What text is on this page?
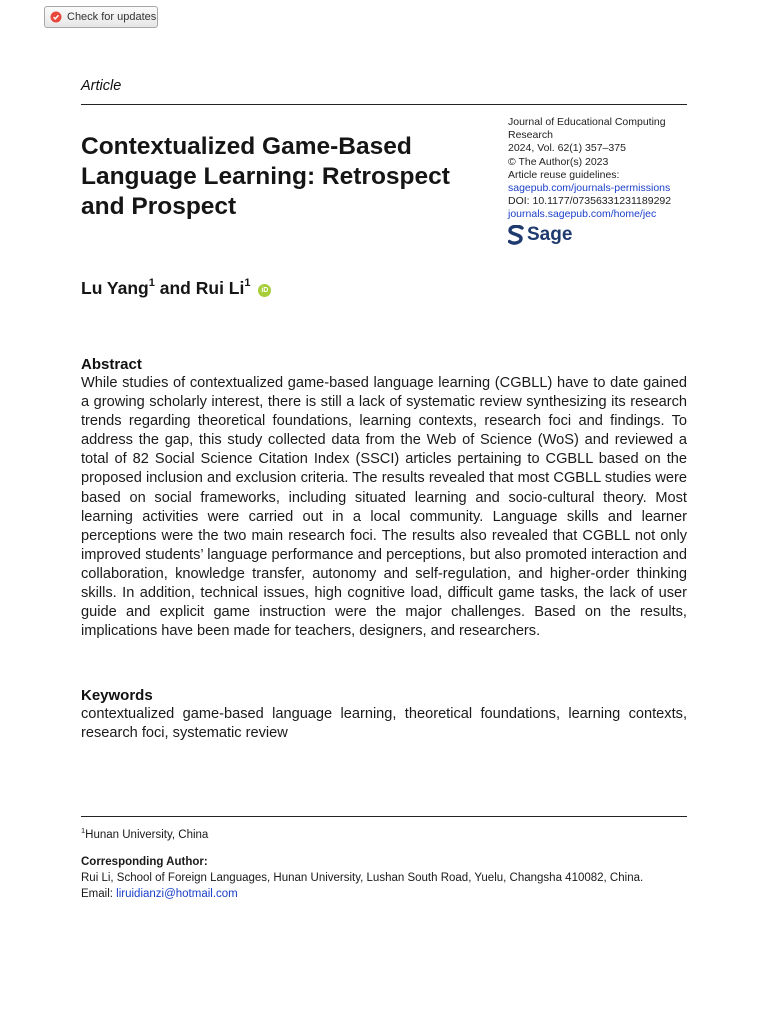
Check for updates
Article
Contextualized Game-Based Language Learning: Retrospect and Prospect
Journal of Educational Computing Research
2024, Vol. 62(1) 357–375
© The Author(s) 2023
Article reuse guidelines:
sagepub.com/journals-permissions
DOI: 10.1177/07356331231189292
journals.sagepub.com/home/jec
Sage
Lu Yang$^1$ and Rui Li$^1$ iD
Abstract

While studies of contextualized game-based language learning (CGBLL) have to date gained a growing scholarly interest, there is still a lack of systematic review synthesizing its research trends regarding theoretical foundations, learning contexts, research foci and findings. To address the gap, this study collected data from the Web of Science (WoS) and reviewed a total of 82 Social Science Citation Index (SSCI) articles pertaining to CGBLL based on the proposed inclusion and exclusion criteria. The results revealed that most CGBLL studies were based on social frameworks, including situated learning and socio-cultural theory. Most learning activities were carried out in a local community. Language skills and learner perceptions were the two main research foci. The results also revealed that CGBLL not only improved students’ language performance and perceptions, but also promoted interaction and collaboration, knowledge transfer, autonomy and self-regulation, and higher-order thinking skills. In addition, technical issues, high cognitive load, difficult game tasks, the lack of user guide and explicit game instruction were the major challenges. Based on the results, implications have been made for teachers, designers, and researchers.

Keywords

contextualized game-based language learning, theoretical foundations, learning contexts, research foci, systematic review

$^1$Hunan University, China
Corresponding Author:
Rui Li, School of Foreign Languages, Hunan University, Lushan South Road, Yuelu, Changsha 410082, China.
Email: liruidianzi@hotmail.com
